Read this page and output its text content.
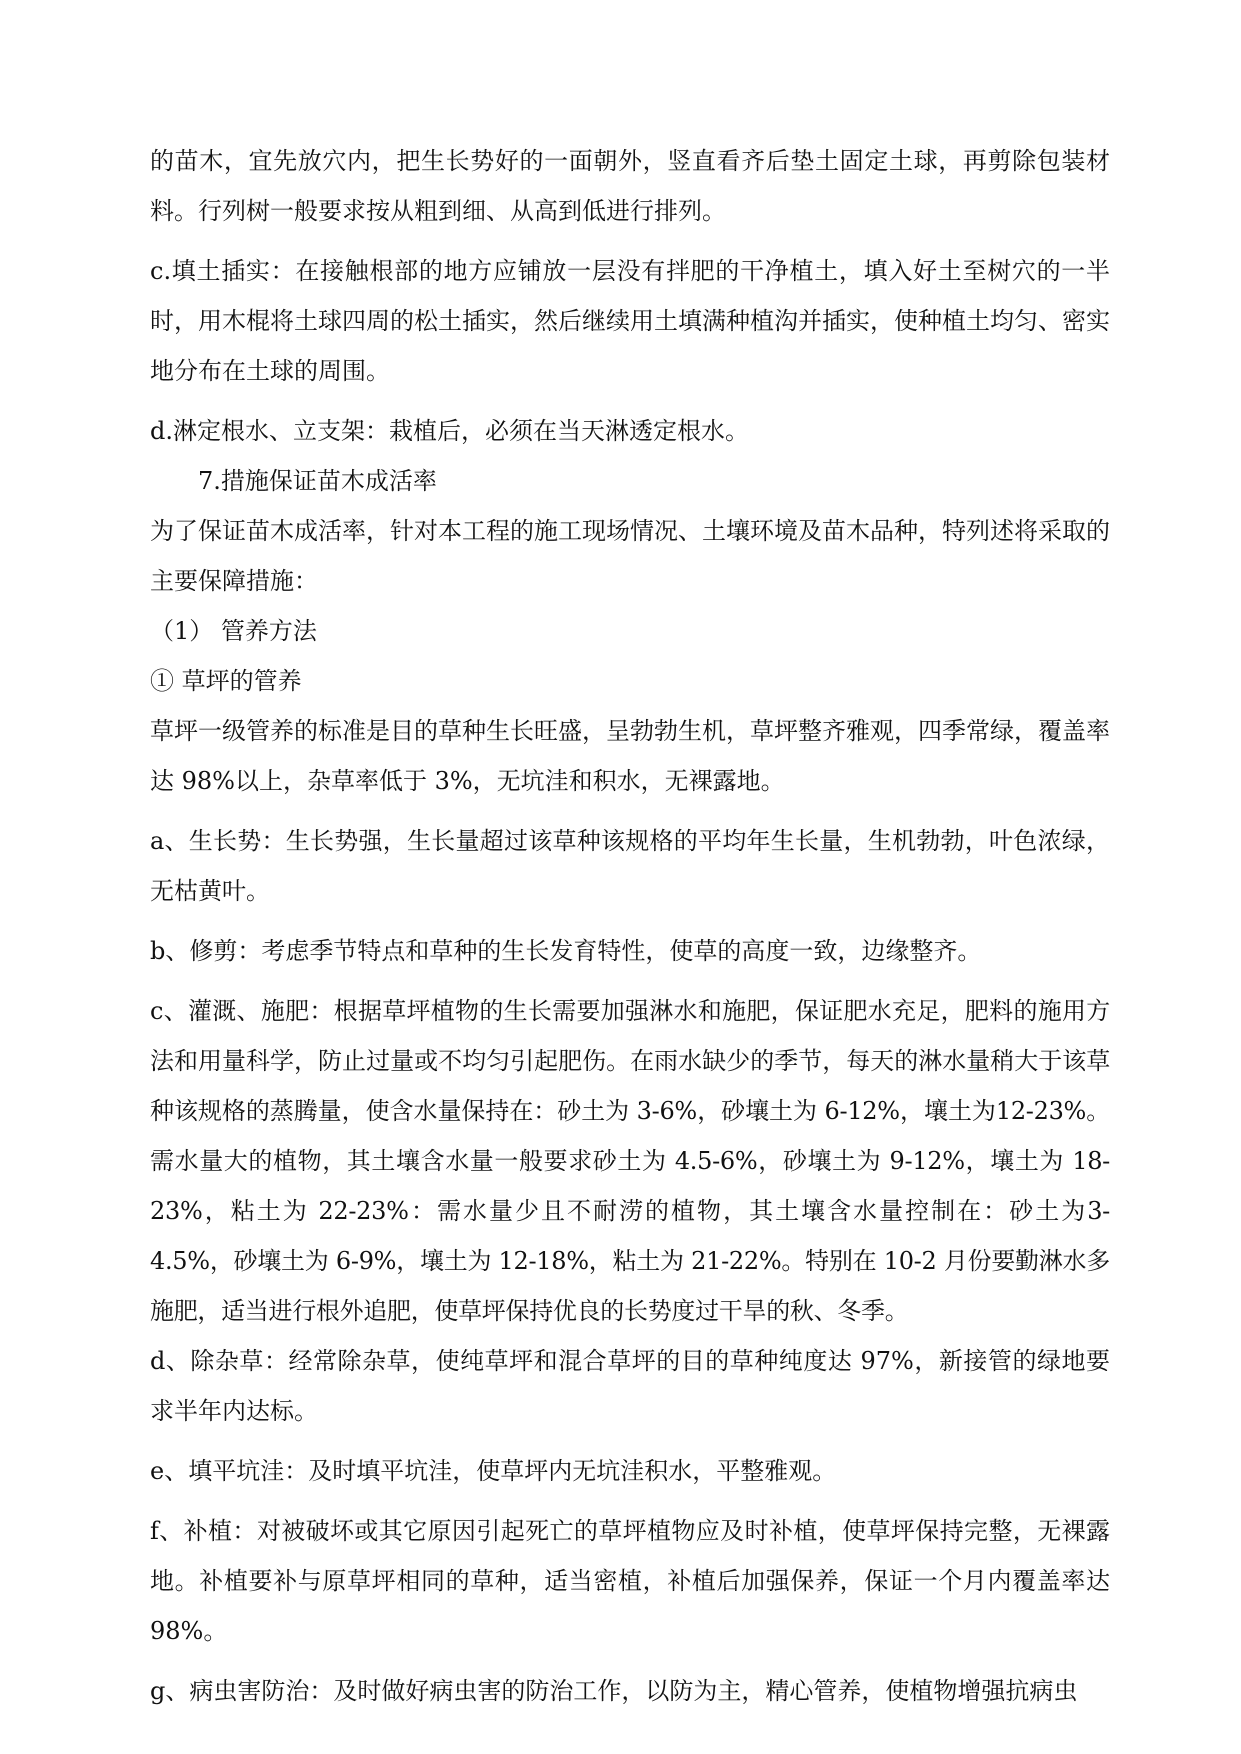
的苗木，宜先放穴内，把生长势好的一面朝外，竖直看齐后垫土固定土球，再剪除包装材料。行列树一般要求按从粗到细、从高到低进行排列。

c.填土插实：在接触根部的地方应铺放一层没有拌肥的干净植土，填入好土至树穴的一半时，用木棍将土球四周的松土插实，然后继续用土填满种植沟并插实，使种植土均匀、密实地分布在土球的周围。

d.淋定根水、立支架：栽植后，必须在当天淋透定根水。

7.措施保证苗木成活率

为了保证苗木成活率，针对本工程的施工现场情况、土壤环境及苗木品种，特列述将采取的主要保障措施：

（1） 管养方法

① 草坪的管养

草坪一级管养的标准是目的草种生长旺盛，呈勃勃生机，草坪整齐雅观，四季常绿，覆盖率达 98%以上，杂草率低于 3%，无坑洼和积水，无裸露地。

a、生长势：生长势强，生长量超过该草种该规格的平均年生长量，生机勃勃，叶色浓绿，无枯黄叶。

b、修剪：考虑季节特点和草种的生长发育特性，使草的高度一致，边缘整齐。

c、灌溉、施肥：根据草坪植物的生长需要加强淋水和施肥，保证肥水充足，肥料的施用方法和用量科学，防止过量或不均匀引起肥伤。在雨水缺少的季节，每天的淋水量稍大于该草种该规格的蒸腾量，使含水量保持在：砂土为 3-6%，砂壤土为 6-12%，壤土为12-23%。需水量大的植物，其土壤含水量一般要求砂土为 4.5-6%，砂壤土为 9-12%，壤土为 18-23%，粘土为 22-23%：需水量少且不耐涝的植物，其土壤含水量控制在：砂土为3-4.5%，砂壤土为 6-9%，壤土为 12-18%，粘土为 21-22%。特别在 10-2 月份要勤淋水多施肥，适当进行根外追肥，使草坪保持优良的长势度过干旱的秋、冬季。

d、除杂草：经常除杂草，使纯草坪和混合草坪的目的草种纯度达 97%，新接管的绿地要求半年内达标。

e、填平坑洼：及时填平坑洼，使草坪内无坑洼积水，平整雅观。

f、补植：对被破坏或其它原因引起死亡的草坪植物应及时补植，使草坪保持完整，无裸露地。补植要补与原草坪相同的草种，适当密植，补植后加强保养，保证一个月内覆盖率达 98%。

g、病虫害防治：及时做好病虫害的防治工作，以防为主，精心管养，使植物增强抗病虫
